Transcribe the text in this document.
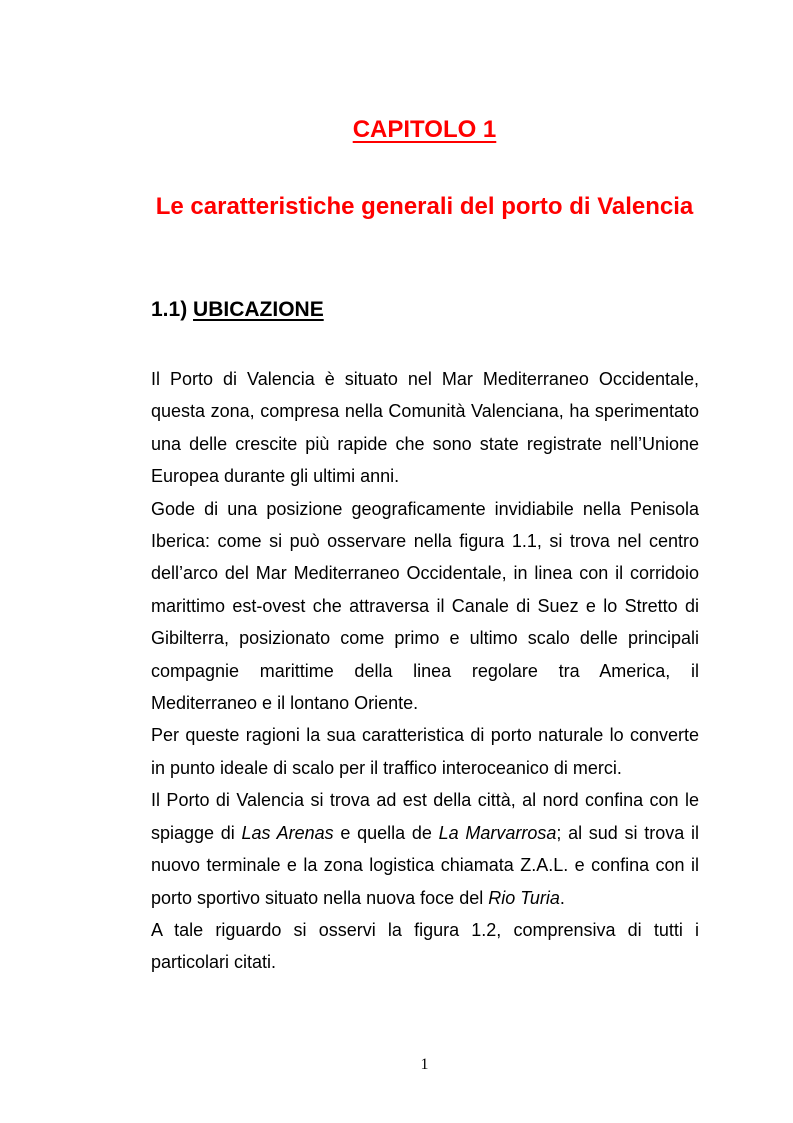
CAPITOLO 1
Le caratteristiche generali del porto di Valencia
1.1) UBICAZIONE

Il Porto di Valencia è situato nel Mar Mediterraneo Occidentale, questa zona, compresa nella Comunità Valenciana, ha sperimentato una delle crescite più rapide che sono state registrate nell’Unione Europea durante gli ultimi anni.

Gode di una posizione geograficamente invidiabile nella Penisola Iberica: come si può osservare nella figura 1.1, si trova nel centro dell’arco del Mar Mediterraneo Occidentale, in linea con il corridoio marittimo est-ovest che attraversa il Canale di Suez e lo Stretto di Gibilterra, posizionato come primo e ultimo scalo delle principali compagnie marittime della linea regolare tra America, il Mediterraneo e il lontano Oriente.

Per queste ragioni la sua caratteristica di porto naturale lo converte in punto ideale di scalo per il traffico interoceanico di merci.

Il Porto di Valencia si trova ad est della città, al nord confina con le spiagge di Las Arenas e quella de La Marvarrosa; al sud si trova il nuovo terminale e la zona logistica chiamata Z.A.L. e confina con il porto sportivo situato nella nuova foce del Rio Turia.

A tale riguardo si osservi la figura 1.2, comprensiva di tutti i particolari citati.

1
